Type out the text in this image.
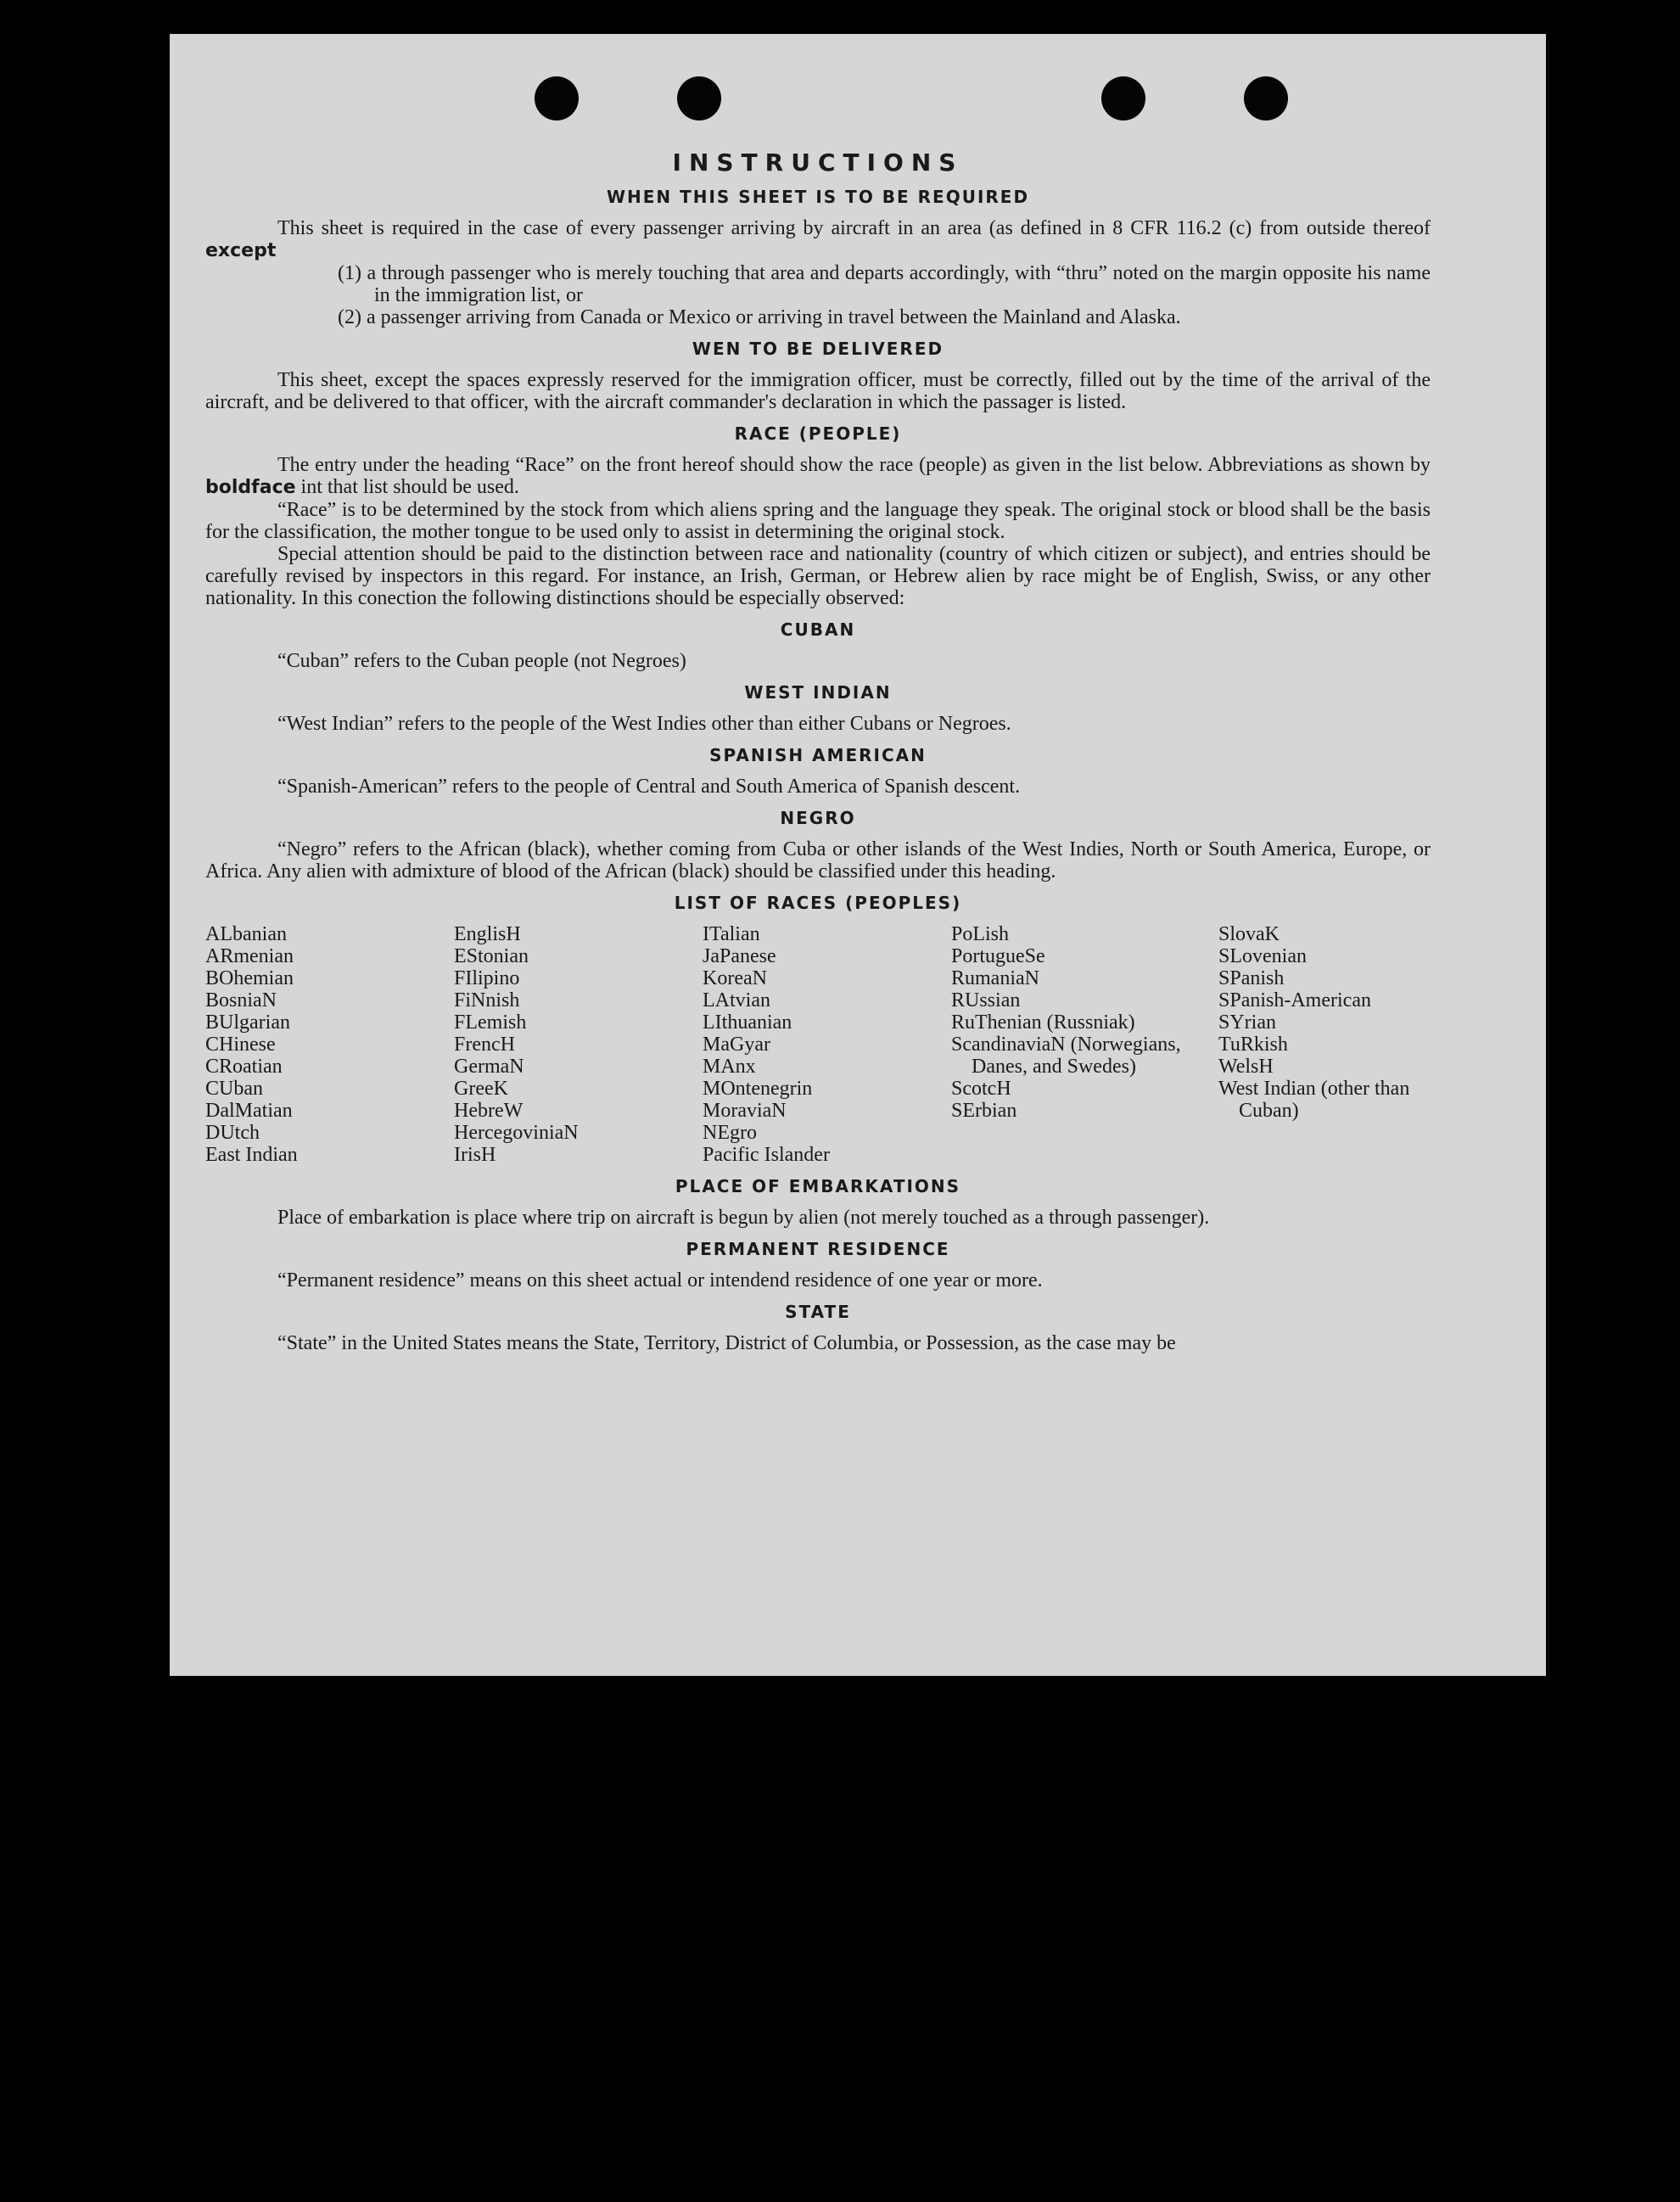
INSTRUCTIONS
WHEN THIS SHEET IS TO BE REQUIRED

This sheet is required in the case of every passenger arriving by aircraft in an area (as defined in 8 CFR 116.2 (c) from outside thereof except

(1) a through passenger who is merely touching that area and departs accordingly, with “thru” noted on the margin opposite his name in the immigration list, or

(2) a passenger arriving from Canada or Mexico or arriving in travel between the Mainland and Alaska.

WEN TO BE DELIVERED

This sheet, except the spaces expressly reserved for the immigration officer, must be correctly, filled out by the time of the arrival of the aircraft, and be delivered to that officer, with the aircraft commander's declaration in which the passager is listed.

RACE (PEOPLE)

The entry under the heading “Race” on the front hereof should show the race (people) as given in the list below. Abbreviations as shown by boldface int that list should be used.

“Race” is to be determined by the stock from which aliens spring and the language they speak. The original stock or blood shall be the basis for the classification, the mother tongue to be used only to assist in determining the original stock.

Special attention should be paid to the distinction between race and nationality (country of which citizen or subject), and entries should be carefully revised by inspectors in this regard. For instance, an Irish, German, or Hebrew alien by race might be of English, Swiss, or any other nationality. In this conection the following distinctions should be especially observed:

CUBAN

“Cuban” refers to the Cuban people (not Negroes)

WEST INDIAN

“West Indian” refers to the people of the West Indies other than either Cubans or Negroes.

SPANISH AMERICAN

“Spanish-American” refers to the people of Central and South America of Spanish descent.

NEGRO

“Negro” refers to the African (black), whether coming from Cuba or other islands of the West Indies, North or South America, Europe, or Africa. Any alien with admixture of blood of the African (black) should be classified under this heading.

LIST OF RACES (PEOPLES)
ALbanian
ARmenian
BOhemian
BosniaN
BUlgarian
CHinese
CRoatian
CUban
DalMatian
DUtch
East Indian
EnglisH
EStonian
FIlipino
FiNnish
FLemish
FrencH
GermaN
GreeK
HebreW
HercegoviniaN
IrisH
ITalian
JaPanese
KoreaN
LAtvian
LIthuanian
MaGyar
MAnx
MOntenegrin
MoraviaN
NEgro
Pacific Islander
PoLish
PortugueSe
RumaniaN
RUssian
RuThenian (Russniak)
ScandinaviaN (Norwegians, Danes, and Swedes)
ScotcH
SErbian
SlovaK
SLovenian
SPanish
SPanish-American
SYrian
TuRkish
WelsH
West Indian (other than Cuban)
PLACE OF EMBARKATIONS

Place of embarkation is place where trip on aircraft is begun by alien (not merely touched as a through passenger).

PERMANENT RESIDENCE

“Permanent residence” means on this sheet actual or intendend residence of one year or more.

STATE

“State” in the United States means the State, Territory, District of Columbia, or Possession, as the case may be
